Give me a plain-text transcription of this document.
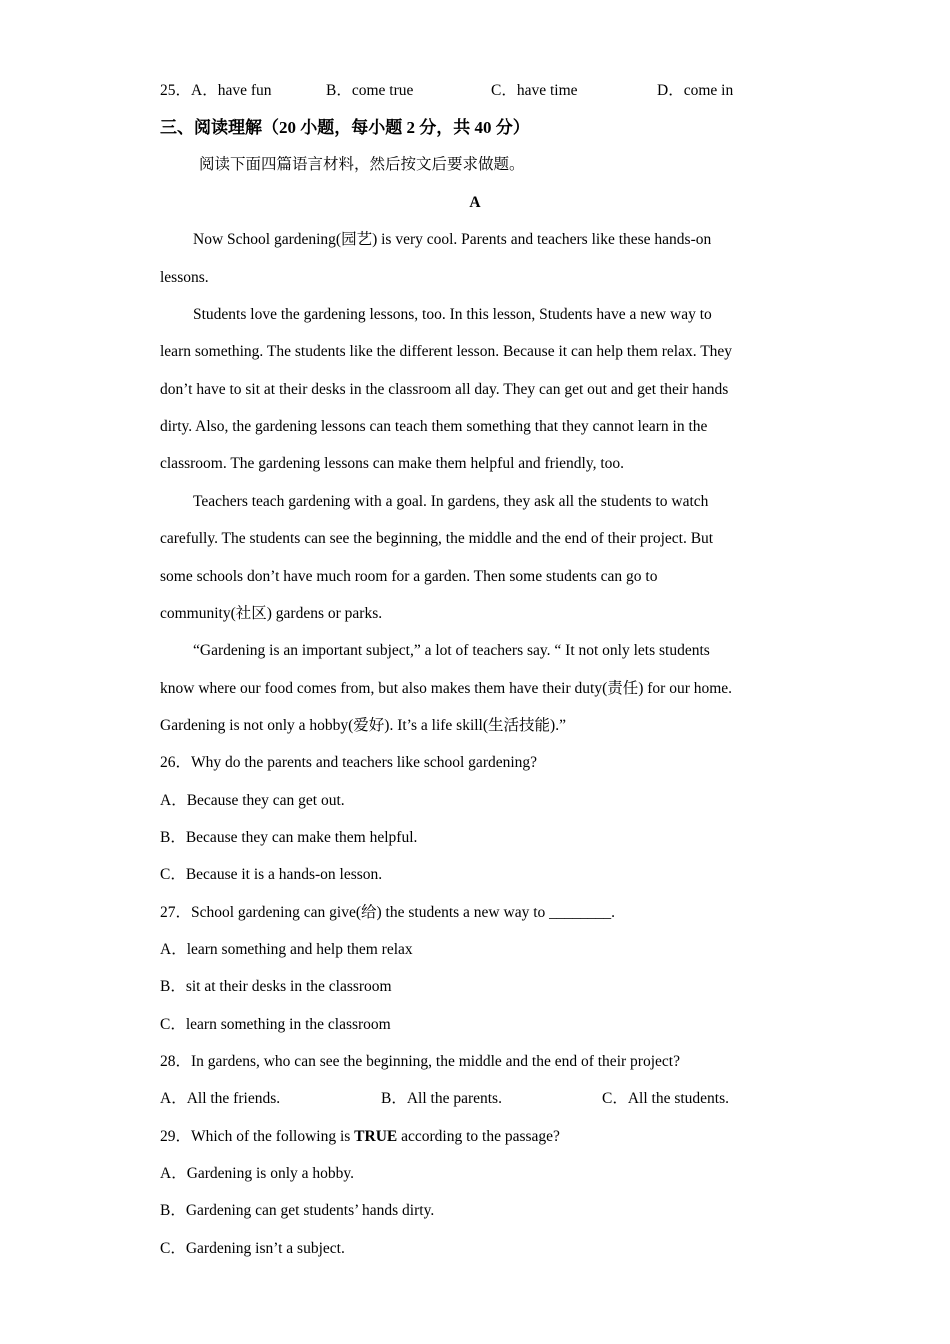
25．A．have fun	B．come true	C．have time	D．come in
三、阅读理解（20 小题，每小题 2 分，共 40 分）
阅读下面四篇语言材料，然后按文后要求做题。
A
Now School gardening(园艺) is very cool. Parents and teachers like these hands-on
lessons.
Students love the gardening lessons, too. In this lesson, Students have a new way to
learn something. The students like the different lesson. Because it can help them relax. They
don’t have to sit at their desks in the classroom all day. They can get out and get their hands
dirty. Also, the gardening lessons can teach them something that they cannot learn in the
classroom. The gardening lessons can make them helpful and friendly, too.
Teachers teach gardening with a goal. In gardens, they ask all the students to watch
carefully. The students can see the beginning, the middle and the end of their project. But
some schools don’t have much room for a garden. Then some students can go to
community(社区) gardens or parks.
“Gardening is an important subject,” a lot of teachers say. “ It not only lets students
know where our food comes from, but also makes them have their duty(责任) for our home.
Gardening is not only a hobby(爱好). It’s a life skill(生活技能).”
26．Why do the parents and teachers like school gardening?
A．Because they can get out.
B．Because they can make them helpful.
C．Because it is a hands-on lesson.
27．School gardening can give(给) the students a new way to ________.
A．learn something and help them relax
B．sit at their desks in the classroom
C．learn something in the classroom
28．In gardens, who can see the beginning, the middle and the end of their project?
A．All the friends.	B．All the parents.	C．All the students.
29．Which of the following is TRUE according to the passage?
A．Gardening is only a hobby.
B．Gardening can get students’ hands dirty.
C．Gardening isn’t a subject.
